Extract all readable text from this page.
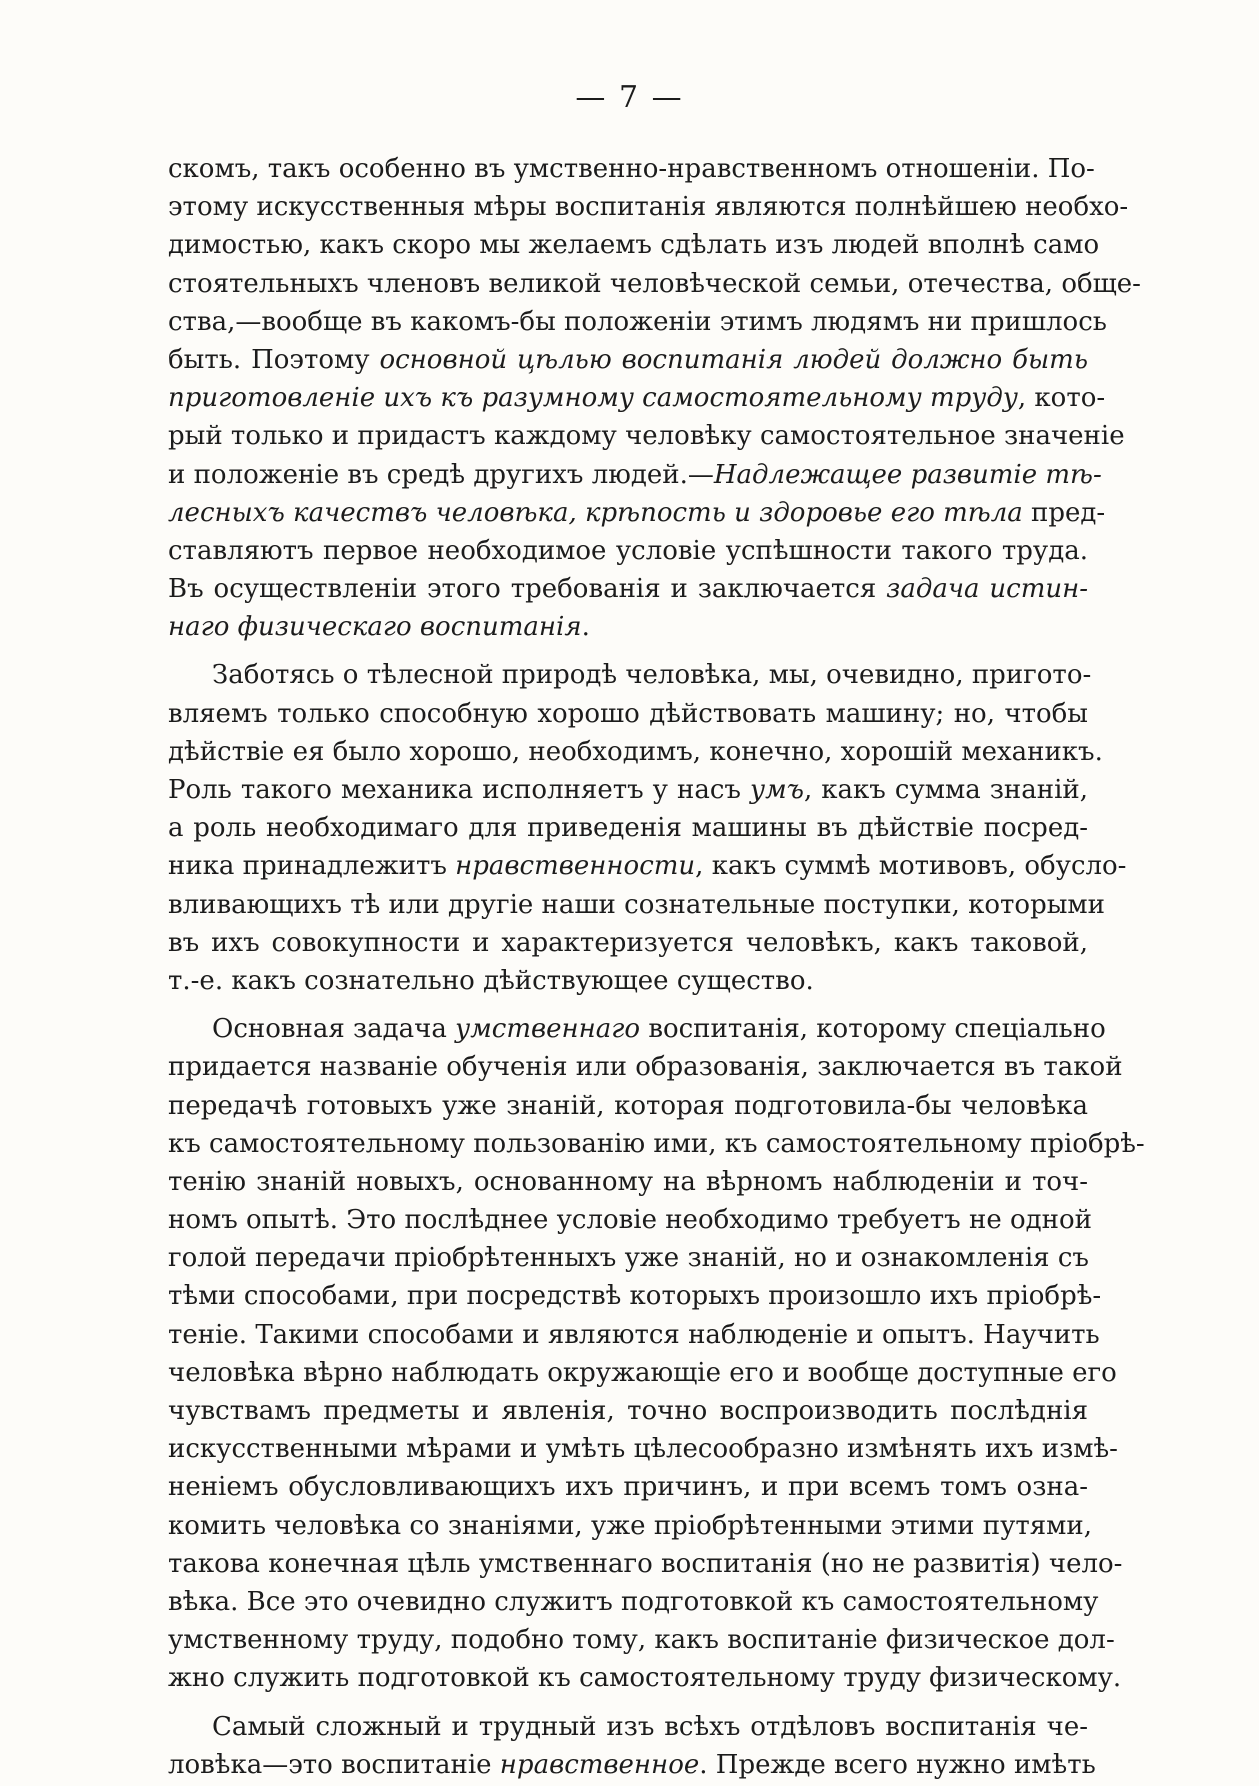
— 7 —
скомъ, такъ особенно въ умственно-нравственномъ отношеніи. По-
этому искусственныя мѣры воспитанія являются полнѣйшею необхо-
димостью, какъ скоро мы желаемъ сдѣлать изъ людей вполнѣ само
стоятельныхъ членовъ великой человѣческой семьи, отечества, обще-
ства,—вообще въ какомъ-бы положеніи этимъ людямъ ни пришлось
быть. Поэтому основной цѣлью воспитанія людей должно быть
приготовленіе ихъ къ разумному самостоятельному труду, кото-
рый только и придастъ каждому человѣку самостоятельное значеніе
и положеніе въ средѣ другихъ людей.—Надлежащее развитіе тѣ-
лесныхъ качествъ человѣка, крѣпость и здоровье его тѣла пред-
ставляютъ первое необходимое условіе успѣшности такого труда.
Въ осуществленіи этого требованія и заключается задача истин-
наго физическаго воспитанія.
Заботясь о тѣлесной природѣ человѣка, мы, очевидно, пригото-
вляемъ только способную хорошо дѣйствовать машину; но, чтобы
дѣйствіе ея было хорошо, необходимъ, конечно, хорошій механикъ.
Роль такого механика исполняетъ у насъ умъ, какъ сумма знаній,
а роль необходимаго для приведенія машины въ дѣйствіе посред-
ника принадлежитъ нравственности, какъ суммѣ мотивовъ, обусло-
вливающихъ тѣ или другіе наши сознательные поступки, которыми
въ ихъ совокупности и характеризуется человѣкъ, какъ таковой,
т.-е. какъ сознательно дѣйствующее существо.
Основная задача умственнаго воспитанія, которому спеціально
придается названіе обученія или образованія, заключается въ такой
передачѣ готовыхъ уже знаній, которая подготовила-бы человѣка
къ самостоятельному пользованію ими, къ самостоятельному пріобрѣ-
тенію знаній новыхъ, основанному на вѣрномъ наблюденіи и точ-
номъ опытѣ. Это послѣднее условіе необходимо требуетъ не одной
голой передачи пріобрѣтенныхъ уже знаній, но и ознакомленія съ
тѣми способами, при посредствѣ которыхъ произошло ихъ пріобрѣ-
теніе. Такими способами и являются наблюденіе и опытъ. Научить
человѣка вѣрно наблюдать окружающіе его и вообще доступные его
чувствамъ предметы и явленія, точно воспроизводить послѣднія
искусственными мѣрами и умѣть цѣлесообразно измѣнять ихъ измѣ-
неніемъ обусловливающихъ ихъ причинъ, и при всемъ томъ озна-
комить человѣка со знаніями, уже пріобрѣтенными этими путями,
такова конечная цѣль умственнаго воспитанія (но не развитія) чело-
вѣка. Все это очевидно служитъ подготовкой къ самостоятельному
умственному труду, подобно тому, какъ воспитаніе физическое дол-
жно служить подготовкой къ самостоятельному труду физическому.
Самый сложный и трудный изъ всѣхъ отдѣловъ воспитанія че-
ловѣка—это воспитаніе нравственное. Прежде всего нужно имѣть
